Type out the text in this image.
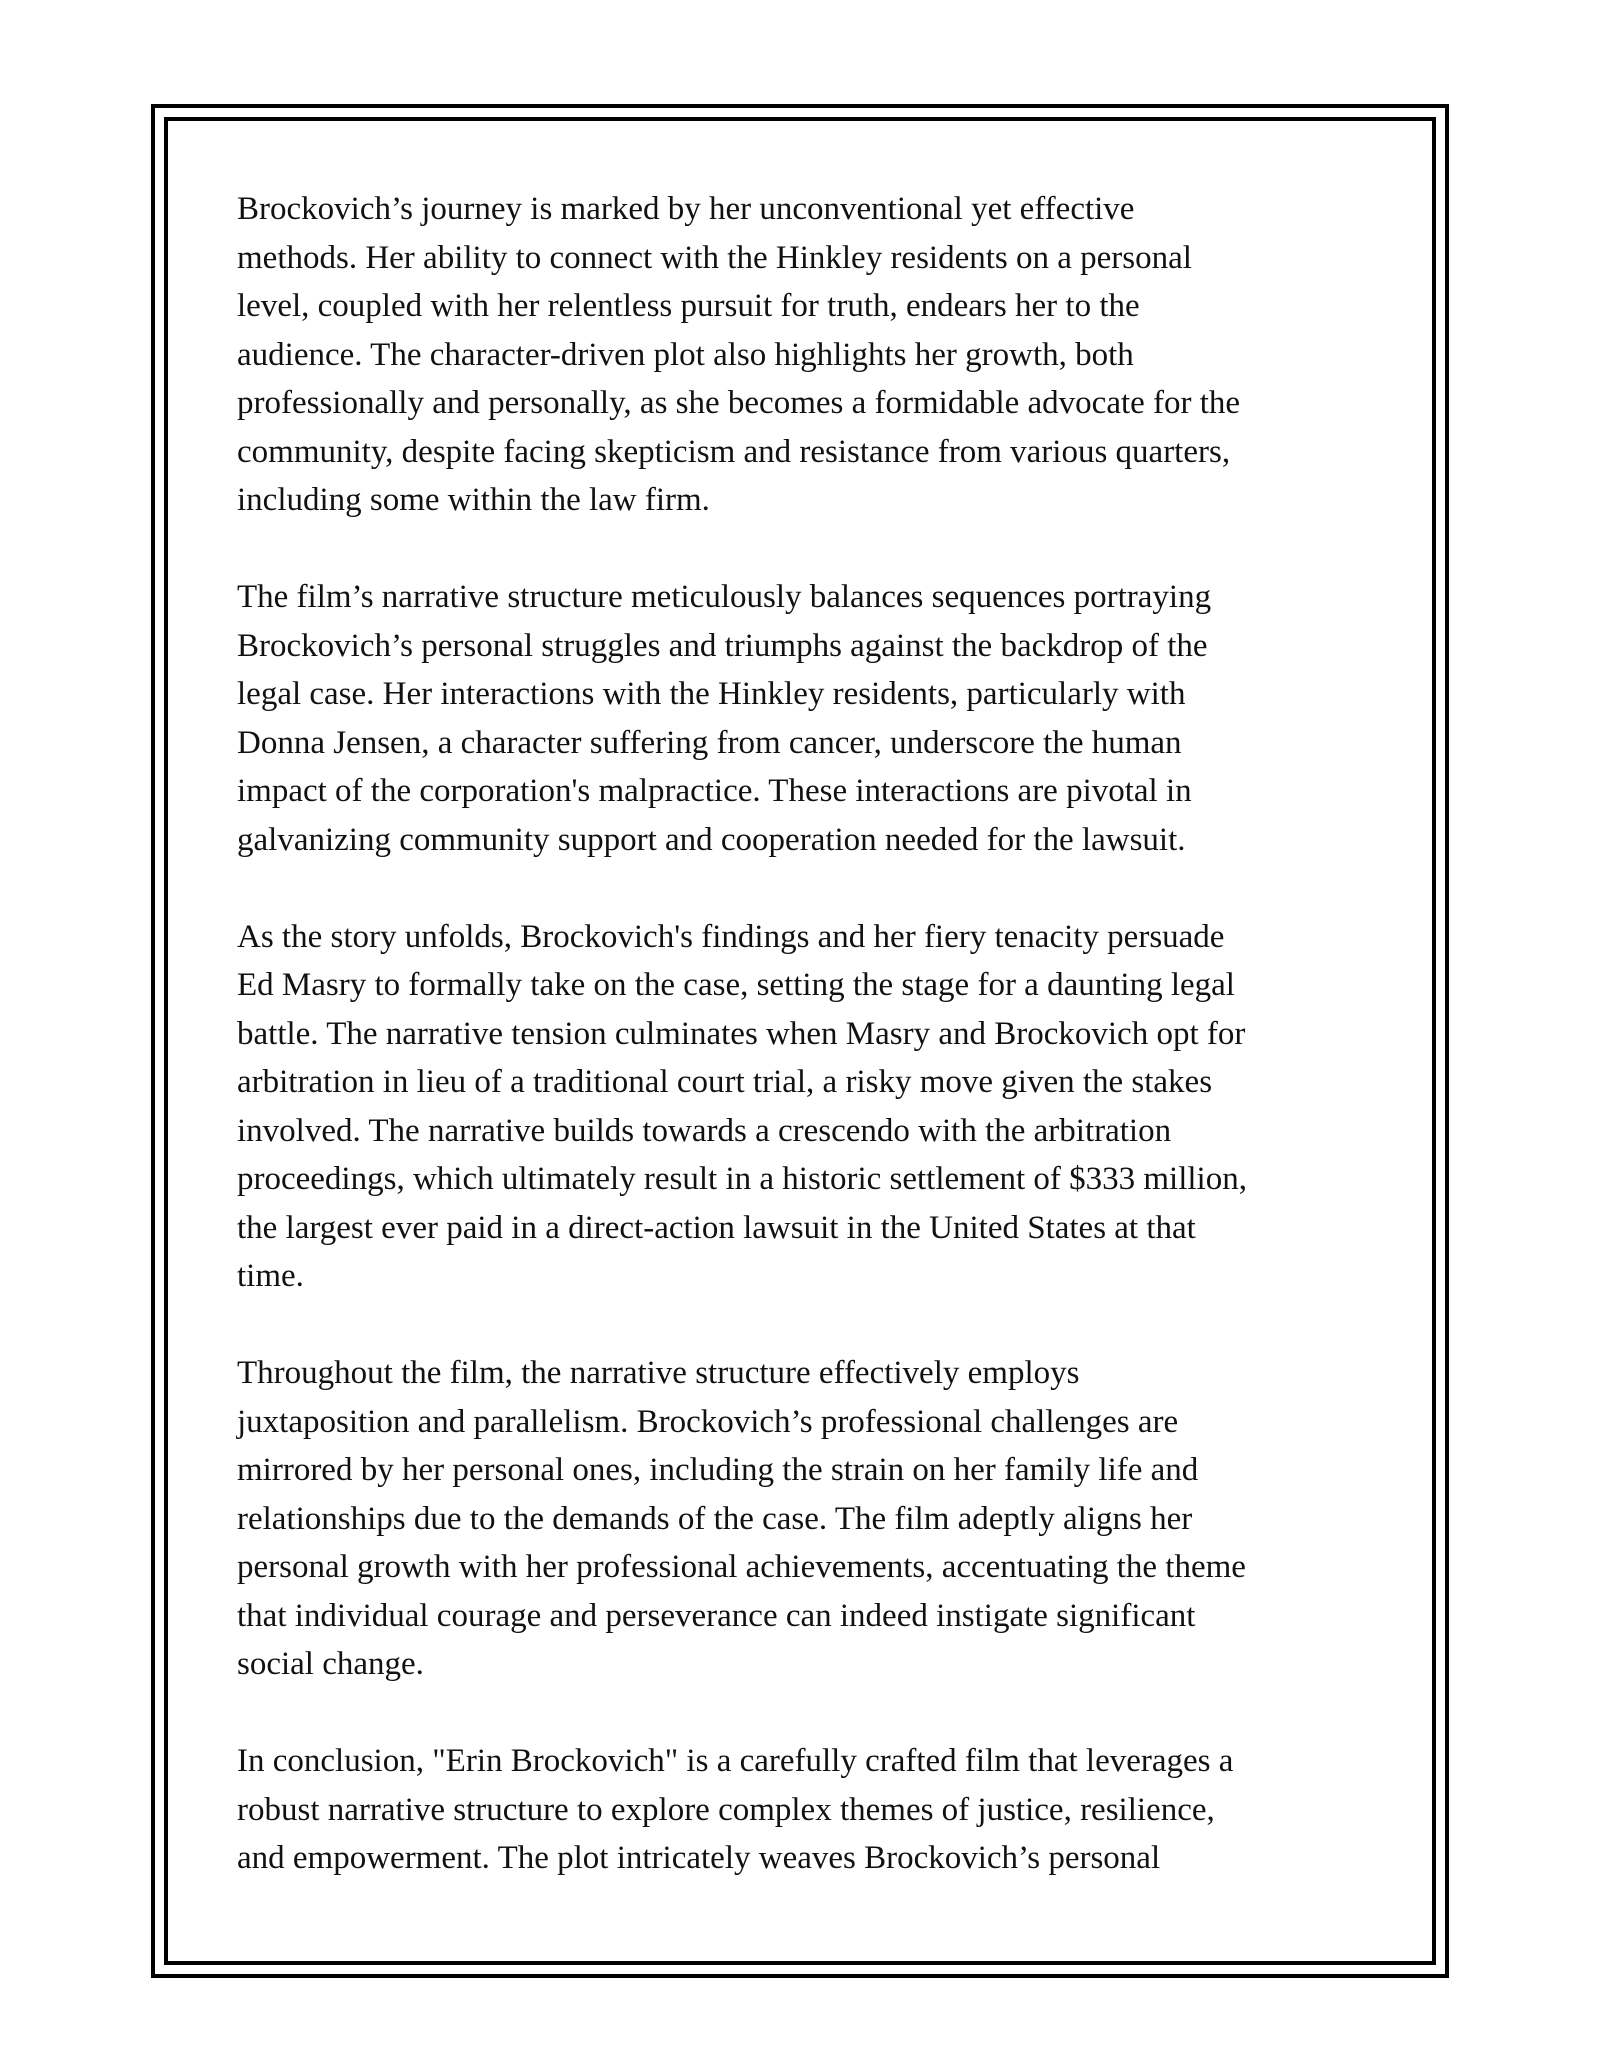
Brockovich’s journey is marked by her unconventional yet effective
methods. Her ability to connect with the Hinkley residents on a personal
level, coupled with her relentless pursuit for truth, endears her to the
audience. The character-driven plot also highlights her growth, both
professionally and personally, as she becomes a formidable advocate for the
community, despite facing skepticism and resistance from various quarters,
including some within the law firm.

The film’s narrative structure meticulously balances sequences portraying
Brockovich’s personal struggles and triumphs against the backdrop of the
legal case. Her interactions with the Hinkley residents, particularly with
Donna Jensen, a character suffering from cancer, underscore the human
impact of the corporation's malpractice. These interactions are pivotal in
galvanizing community support and cooperation needed for the lawsuit.

As the story unfolds, Brockovich's findings and her fiery tenacity persuade
Ed Masry to formally take on the case, setting the stage for a daunting legal
battle. The narrative tension culminates when Masry and Brockovich opt for
arbitration in lieu of a traditional court trial, a risky move given the stakes
involved. The narrative builds towards a crescendo with the arbitration
proceedings, which ultimately result in a historic settlement of $333 million,
the largest ever paid in a direct-action lawsuit in the United States at that
time.

Throughout the film, the narrative structure effectively employs
juxtaposition and parallelism. Brockovich’s professional challenges are
mirrored by her personal ones, including the strain on her family life and
relationships due to the demands of the case. The film adeptly aligns her
personal growth with her professional achievements, accentuating the theme
that individual courage and perseverance can indeed instigate significant
social change.

In conclusion, "Erin Brockovich" is a carefully crafted film that leverages a
robust narrative structure to explore complex themes of justice, resilience,
and empowerment. The plot intricately weaves Brockovich’s personal
